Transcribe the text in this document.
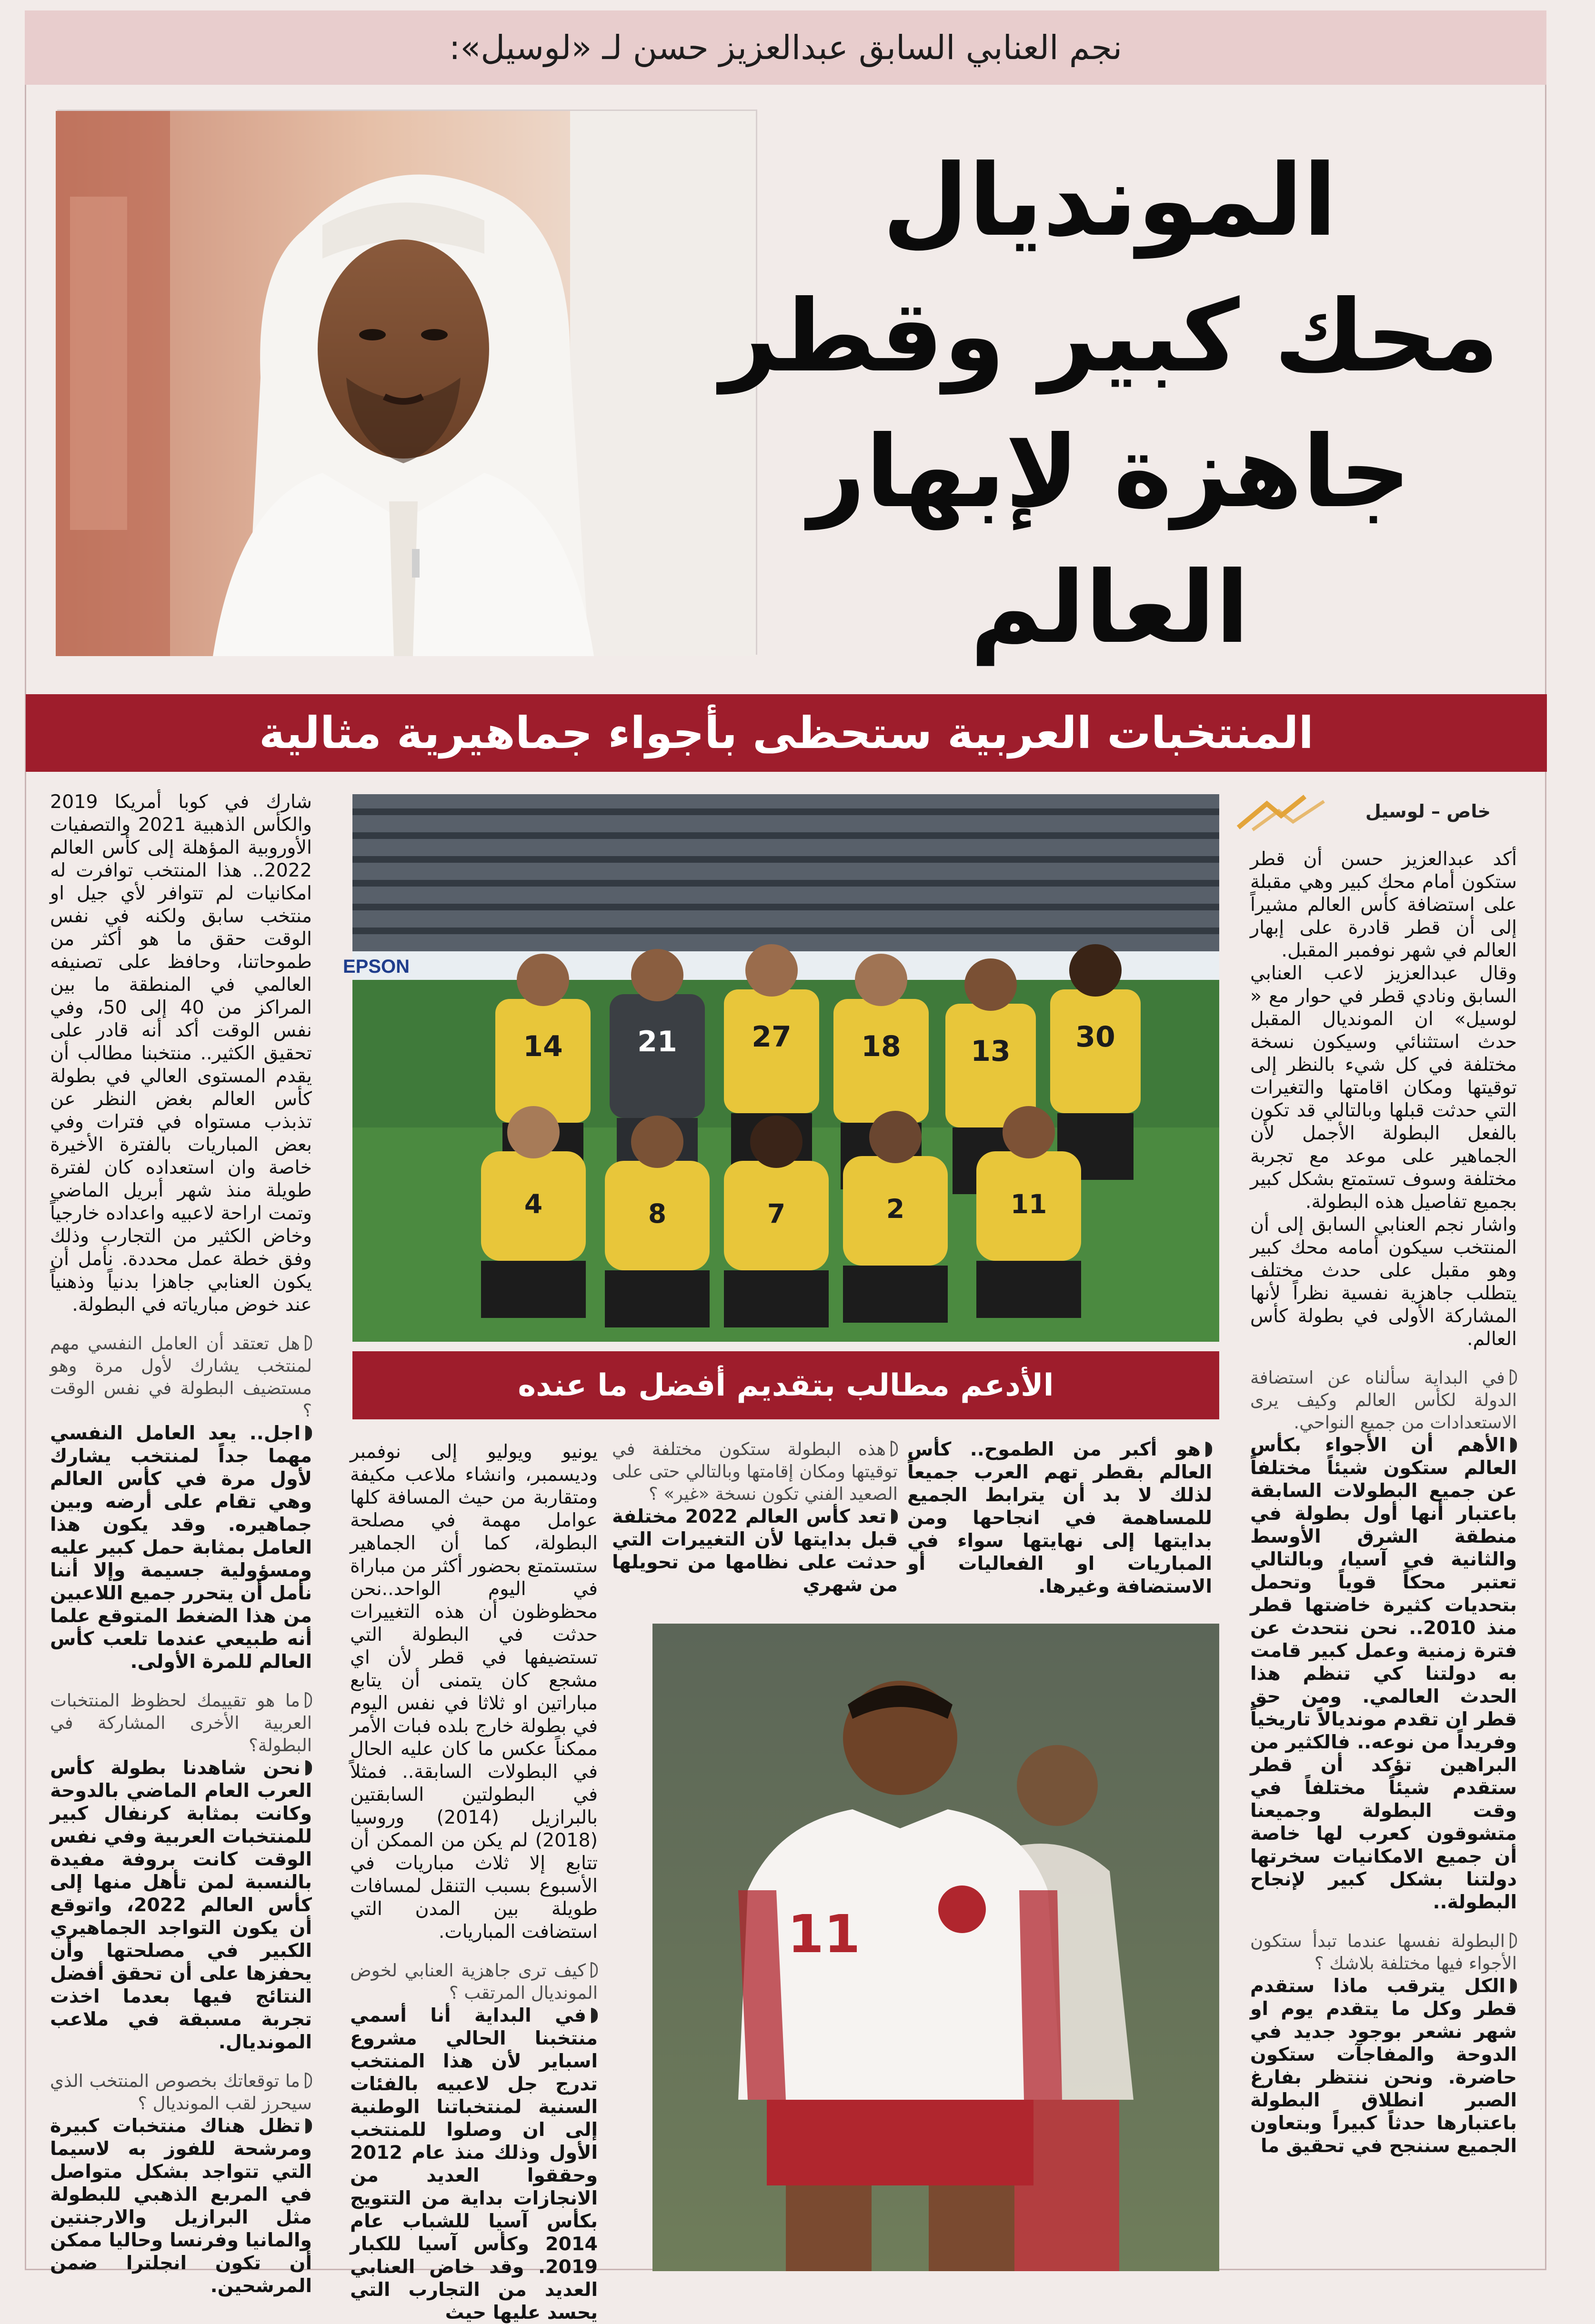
نجم العنابي السابق عبدالعزيز حسن لـ «لوسيل»:
المونديال
محك كبير وقطر
جاهزة لإبهار
العالم
المنتخبات العربية ستحظى بأجواء جماهيرية مثالية
خاص – لوسيل

أكد عبدالعزيز حسن أن قطر ستكون أمام محك كبير وهي مقبلة على استضافة كأس العالم مشيراً إلى أن قطر قادرة على إبهار العالم في شهر نوفمبر المقبل.

وقال عبدالعزيز لاعب العنابي السابق ونادي قطر في حوار مع « لوسيل» ان المونديال المقبل حدث استثنائي وسيكون نسخة مختلفة في كل شيء بالنظر إلى توقيتها ومكان اقامتها والتغيرات التي حدثت قبلها وبالتالي قد تكون بالفعل البطولة الأجمل لأن الجماهير على موعد مع تجربة مختلفة وسوف تستمتع بشكل كبير بجميع تفاصيل هذه البطولة.

واشار نجم العنابي السابق إلى أن المنتخب سيكون أمامه محك كبير وهو مقبل على حدث مختلف يتطلب جاهزية نفسية نظراً لأنها المشاركة الأولى في بطولة كأس العالم.

في البداية سألناه عن استضافة الدولة لكأس العالم وكيف يرى الاستعدادات من جميع النواحي.

الأهم أن الأجواء بكأس العالم ستكون شيئاً مختلفاً عن جميع البطولات السابقة باعتبار أنها أول بطولة في منطقة الشرق الأوسط والثانية في آسيا، وبالتالي تعتبر محكاً قوياً وتحمل بتحديات كثيرة خاضتها قطر منذ 2010.. نحن نتحدث عن فترة زمنية وعمل كبير قامت به دولتنا كي تنظم هذا الحدث العالمي. ومن حق قطر ان تقدم مونديالاً تاريخياً وفريداً من نوعه.. فالكثير من البراهين تؤكد أن قطر ستقدم شيئاً مختلفاً في وقت البطولة وجميعنا متشوقون كعرب لها خاصة أن جميع الامكانيات سخرتها دولتنا بشكل كبير لإنجاح البطولة..

البطولة نفسها عندما تبدأ ستكون الأجواء فيها مختلفة بلاشك ؟

الكل يترقب ماذا ستقدم قطر وكل ما يتقدم يوم او شهر نشعر بوجود جديد في الدوحة والمفاجآت ستكون حاضرة. ونحن ننتظر بفارغ الصبر انطلاق البطولة باعتبارها حدثاً كبيراً وبتعاون الجميع سننجح في تحقيق ما

EPSON
30
13
18
27
21
14
11
2
7
8
4
الأدعم مطالب بتقديم أفضل ما عنده

هو أكبر من الطموح.. كأس العالم بقطر تهم العرب جميعاً لذلك لا بد أن يترابط الجميع للمساهمة في انجاحها ومن بدايتها إلى نهايتها سواء في المباريات او الفعاليات أو الاستضافة وغيرها.

هذه البطولة ستكون مختلفة في توقيتها ومكان إقامتها وبالتالي حتى على الصعيد الفني تكون نسخة «غير» ؟

تعد كأس العالم 2022 مختلفة قبل بدايتها لأن التغييرات التي حدثت على نظامها من تحويلها من شهري

يونيو ويوليو إلى نوفمبر وديسمبر، وانشاء ملاعب مكيفة ومتقاربة من حيث المسافة كلها عوامل مهمة في مصلحة البطولة، كما أن الجماهير ستستمتع بحضور أكثر من مباراة في اليوم الواحد..نحن محظوظون أن هذه التغييرات حدثت في البطولة التي تستضيفها في قطر لأن اي مشجع كان يتمنى أن يتابع مباراتين او ثلاثا في نفس اليوم في بطولة خارج بلده فبات الأمر ممكناً عكس ما كان عليه الحال في البطولات السابقة.. فمثلاً في البطولتين السابقتين بالبرازيل (2014) وروسيا (2018) لم يكن من الممكن أن تتابع إلا ثلاث مباريات في الأسبوع بسبب التنقل لمسافات طويلة بين المدن التي استضافت المباريات.

كيف ترى جاهزية العنابي لخوض المونديال المرتقب ؟

في البداية أنا أسمي منتخبنا الحالي مشروع اسباير لأن هذا المنتخب تدرج جل لاعبيه بالفئات السنية لمنتخباتنا الوطنية إلى ان وصلوا للمنتخب الأول وذلك منذ عام 2012 وحققوا العديد من الانجازات بداية من التتويج بكأس آسيا للشباب عام 2014 وكأس آسيا للكبار 2019. وقد خاض العنابي العديد من التجارب التي يحسد عليها حيث

11

شارك في كوبا أمريكا 2019 والكأس الذهبية 2021 والتصفيات الأوروبية المؤهلة إلى كأس العالم 2022.. هذا المنتخب توافرت له امكانيات لم تتوافر لأي جيل او منتخب سابق ولكنه في نفس الوقت حقق ما هو أكثر من طموحاتنا، وحافظ على تصنيفه العالمي في المنطقة ما بين المراكز من 40 إلى 50، وفي نفس الوقت أكد أنه قادر على تحقيق الكثير.. منتخبنا مطالب أن يقدم المستوى العالي في بطولة كأس العالم بغض النظر عن تذبذب مستواه في فترات وفي بعض المباريات بالفترة الأخيرة خاصة وان استعداده كان لفترة طويلة منذ شهر أبريل الماضي وتمت اراحة لاعبيه واعداده خارجياً وخاض الكثير من التجارب وذلك وفق خطة عمل محددة. نأمل أن يكون العنابي جاهزا بدنياً وذهنياً عند خوض مبارياته في البطولة.

هل تعتقد أن العامل النفسي مهم لمنتخب يشارك لأول مرة وهو مستضيف البطولة في نفس الوقت ؟

اجل.. يعد العامل النفسي مهما جداً لمنتخب يشارك لأول مرة في كأس العالم وهي تقام على أرضه وبين جماهيره. وقد يكون هذا العامل بمثابة حمل كبير عليه ومسؤولية جسيمة وإلا أننا نأمل أن يتحرر جميع اللاعبين من هذا الضغط المتوقع علما أنه طبيعي عندما تلعب كأس العالم للمرة الأولى.

ما هو تقييمك لحظوظ المنتخبات العربية الأخرى المشاركة في البطولة؟

نحن شاهدنا بطولة كأس العرب العام الماضي بالدوحة وكانت بمثابة كرنفال كبير للمنتخبات العربية وفي نفس الوقت كانت بروفة مفيدة بالنسبة لمن تأهل منها إلى كأس العالم 2022، واتوقع أن يكون التواجد الجماهيري الكبير في مصلحتها وأن يحفزها على أن تحقق أفضل النتائج فيها بعدما اخذت تجربة مسبقة في ملاعب المونديال.

ما توقعاتك بخصوص المنتخب الذي سيحرز لقب المونديال ؟

تظل هناك منتخبات كبيرة ومرشحة للفوز به لاسيما التي تتواجد بشكل متواصل في المربع الذهبي للبطولة مثل البرازيل والارجنتين والمانيا وفرنسا وحاليا ممكن أن تكون انجلترا ضمن المرشحين.
